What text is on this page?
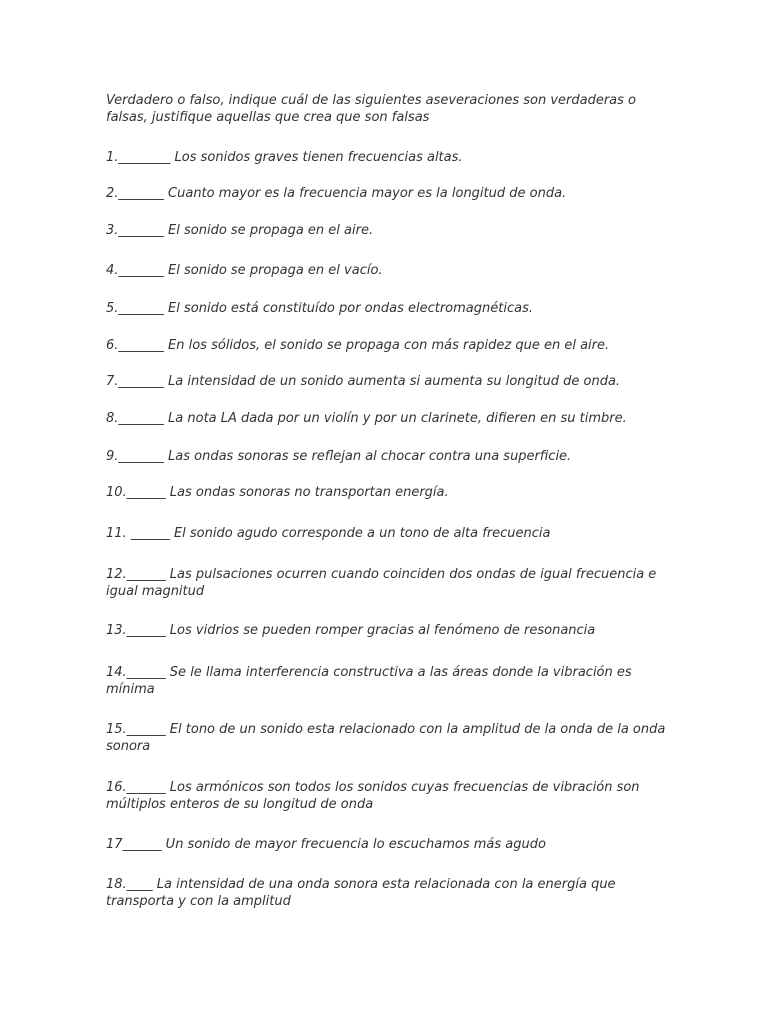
Verdadero o falso, indique cuál de las siguientes aseveraciones son verdaderas o falsas, justifique aquellas que crea que son falsas

1.________ Los sonidos graves tienen frecuencias altas.

2._______ Cuanto mayor es la frecuencia mayor es la longitud de onda.

3._______ El sonido se propaga en el aire.

4._______ El sonido se propaga en el vacío.

5._______ El sonido está constituído por ondas electromagnéticas.

6._______ En los sólidos, el sonido se propaga con más rapidez que en el aire.

7._______ La intensidad de un sonido aumenta si aumenta su longitud de onda.

8._______ La nota LA dada por un violín y por un clarinete, difieren en su timbre.

9._______ Las ondas sonoras se reflejan al chocar contra una superficie.

10.______ Las ondas sonoras no transportan energía.

11. ______ El sonido agudo corresponde a un tono de alta frecuencia

12.______ Las pulsaciones ocurren cuando coinciden dos ondas de igual frecuencia e igual magnitud

13.______ Los vidrios se pueden romper gracias al fenómeno de resonancia

14.______ Se le llama interferencia constructiva a las áreas donde la vibración es mínima

15.______ El tono de un sonido esta relacionado con la amplitud de la onda de la onda sonora

16.______ Los armónicos son todos los sonidos cuyas frecuencias de vibración son múltiplos enteros de su longitud de onda

17______ Un sonido de mayor frecuencia lo escuchamos más agudo

18.____ La intensidad de una onda sonora esta relacionada con la energía que transporta y con la amplitud
